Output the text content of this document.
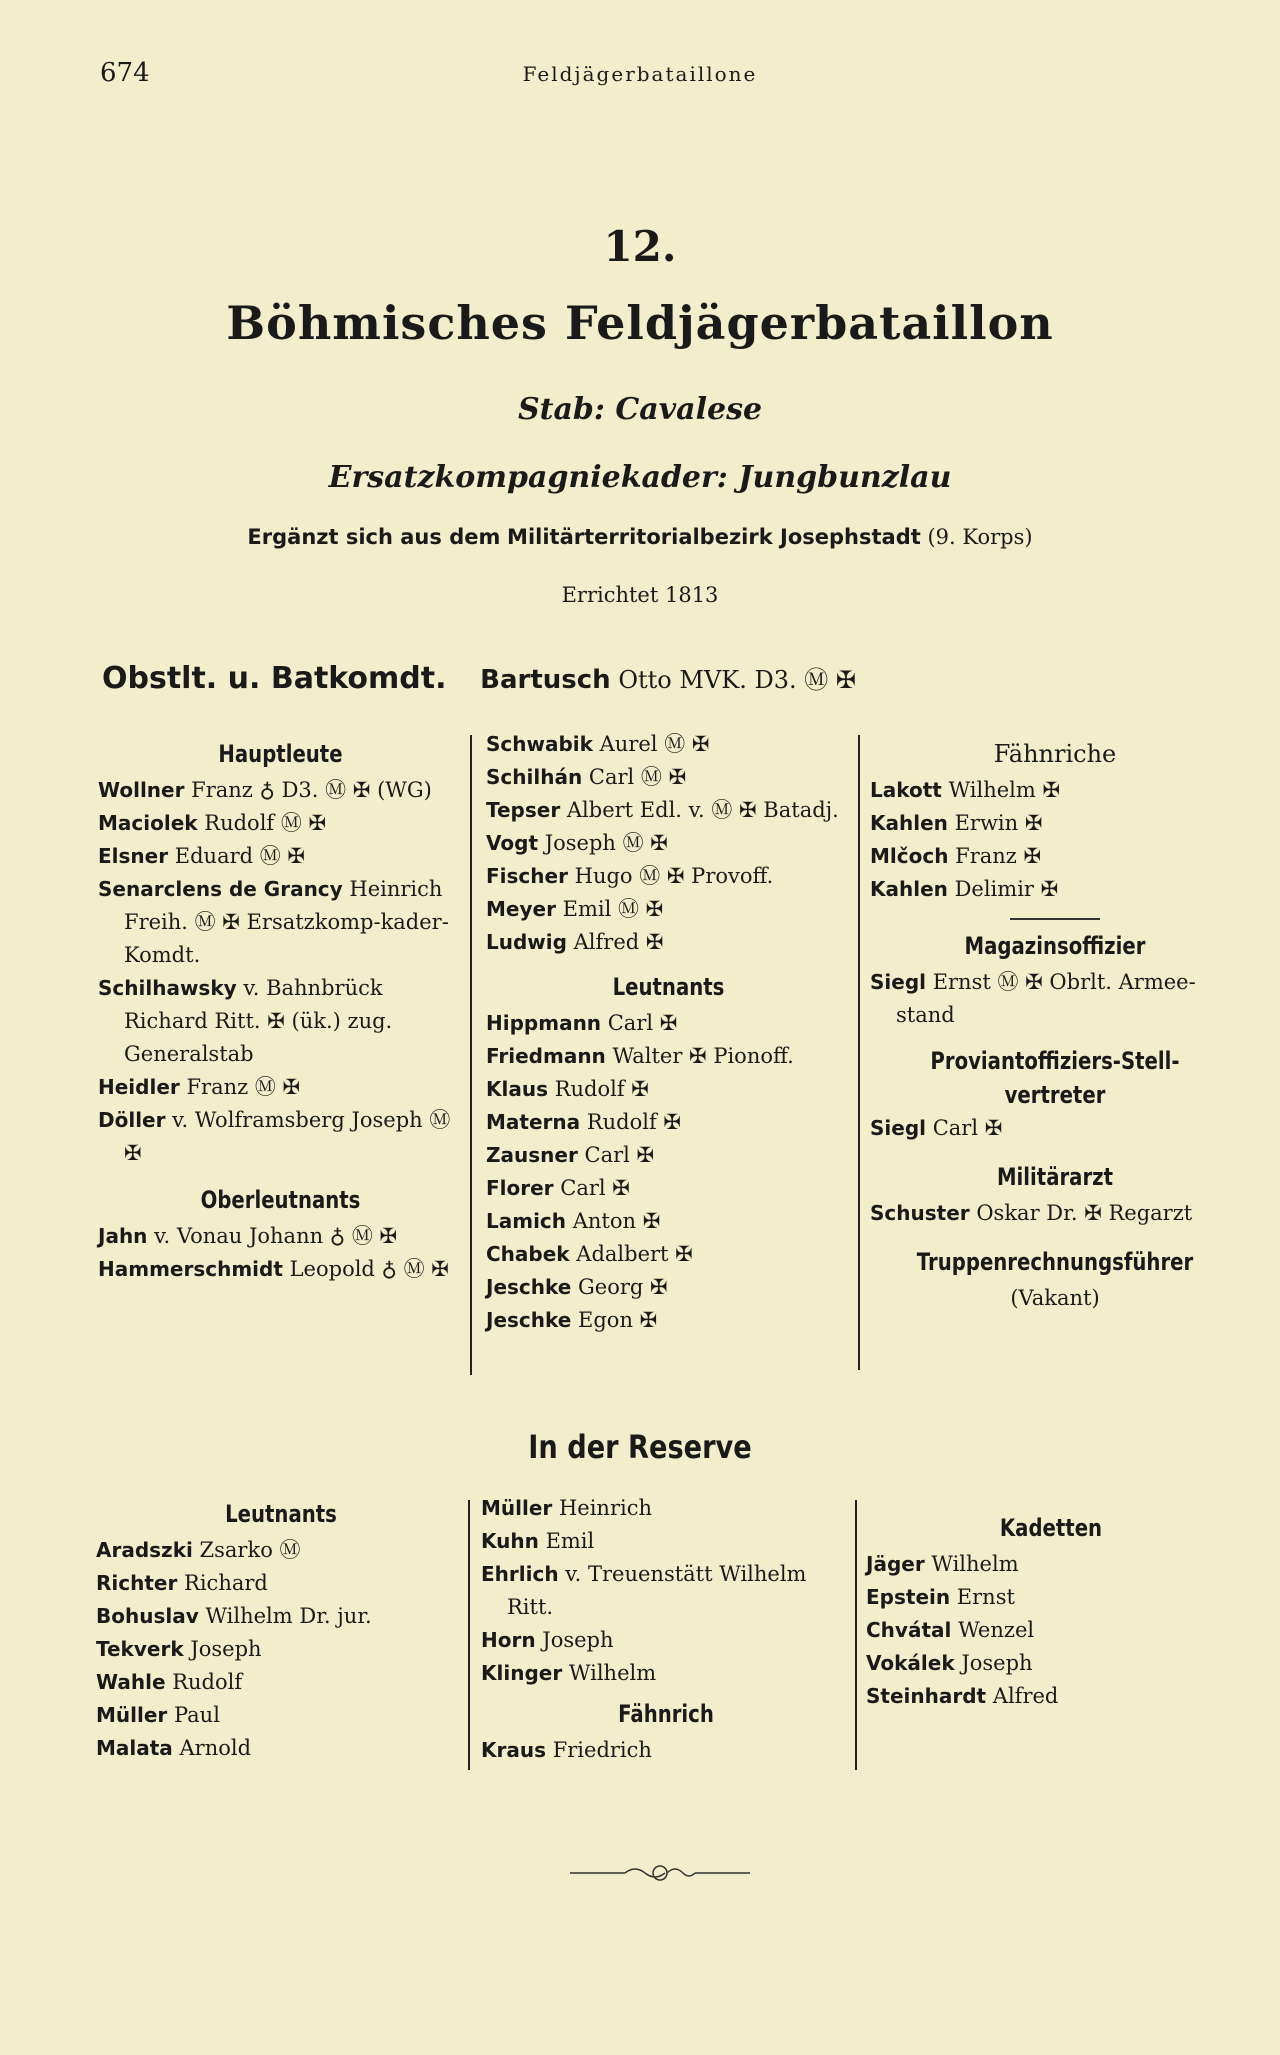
674	Feldjägerbataillone
12.
Böhmisches Feldjägerbataillon
Stab: Cavalese
Ersatzkompagniekader: Jungbunzlau
Ergänzt sich aus dem Militärterritorialbezirk Josephstadt (9. Korps)
Errichtet 1813
Obstlt. u. Batkomdt. Bartusch Otto MVK. D3. Ⓜ ✠
Hauptleute
Wollner Franz ♁ D3. Ⓜ ✠ (WG)
Maciolek Rudolf Ⓜ ✠
Elsner Eduard Ⓜ ✠
Senarclens de Grancy Heinrich Freih. Ⓜ ✠ Ersatzkomp-kader-Komdt.
Schilhawsky v. Bahnbrück Richard Ritt. ✠ (ük.) zug. Generalstab
Heidler Franz Ⓜ ✠
Döller v. Wolframsberg Joseph Ⓜ ✠
Oberleutnants
Jahn v. Vonau Johann ♁ Ⓜ ✠
Hammerschmidt Leopold ♁ Ⓜ ✠
Schwabik Aurel Ⓜ ✠
Schilhán Carl Ⓜ ✠
Tepser Albert Edl. v. Ⓜ ✠ Batadj.
Vogt Joseph Ⓜ ✠
Fischer Hugo Ⓜ ✠ Provoff.
Meyer Emil Ⓜ ✠
Ludwig Alfred ✠
Leutnants
Hippmann Carl ✠
Friedmann Walter ✠ Pionoff.
Klaus Rudolf ✠
Materna Rudolf ✠
Zausner Carl ✠
Florer Carl ✠
Lamich Anton ✠
Chabek Adalbert ✠
Jeschke Georg ✠
Jeschke Egon ✠
Fähnriche
Lakott Wilhelm ✠
Kahlen Erwin ✠
Mlčoch Franz ✠
Kahlen Delimir ✠
Magazinsoffizier
Siegl Ernst Ⓜ ✠ Obrlt. Armee-stand
Proviantoffiziers-Stell-vertreter
Siegl Carl ✠
Militärarzt
Schuster Oskar Dr. ✠ Regarzt
Truppenrechnungsführer
(Vakant)
In der Reserve
Leutnants
Aradszki Zsarko Ⓜ
Richter Richard
Bohuslav Wilhelm Dr. jur.
Tekverk Joseph
Wahle Rudolf
Müller Paul
Malata Arnold
Müller Heinrich
Kuhn Emil
Ehrlich v. Treuenstätt Wilhelm Ritt.
Horn Joseph
Klinger Wilhelm
Fähnrich
Kraus Friedrich
Kadetten
Jäger Wilhelm
Epstein Ernst
Chvátal Wenzel
Vokálek Joseph
Steinhardt Alfred
